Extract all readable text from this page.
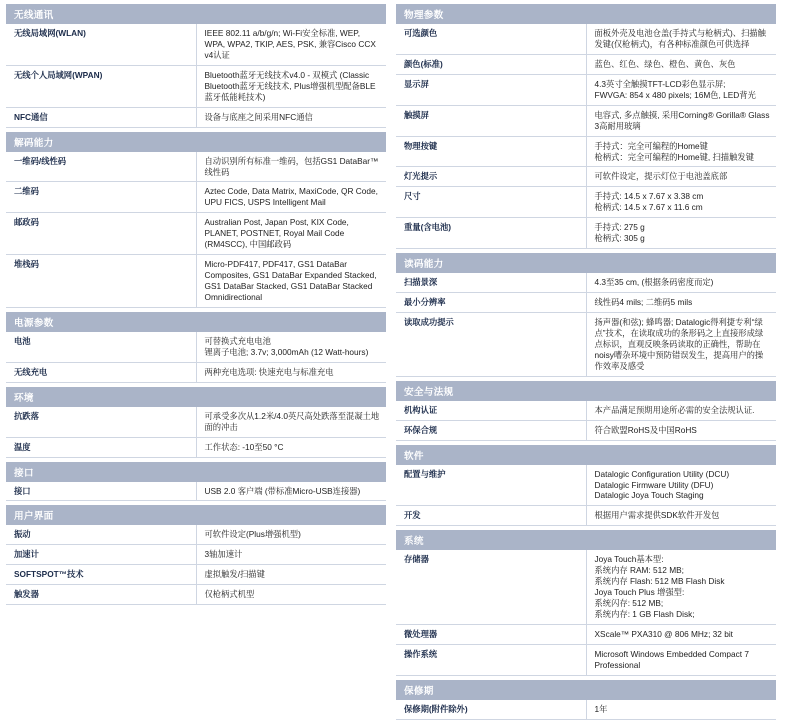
无线通讯	
无线局域网(WLAN)	IEEE 802.11 a/b/g/n; Wi-Fi安全标准, WEP, WPA, WPA2, TKIP, AES, PSK, 兼容Cisco CCX v4认证
无线个人局域网(WPAN)	Bluetooth蓝牙无线技术v4.0 - 双模式 (Classic Bluetooth蓝牙无线技术, Plus增强机型配备BLE蓝牙低能耗技术)
NFC通信	设备与底座之间采用NFC通信
解码能力	
一维码/线性码	自动识别所有标准一维码，包括GS1 DataBar™线性码
二维码	Aztec Code, Data Matrix, MaxiCode, QR Code, UPU FICS, USPS Intelligent Mail
邮政码	Australian Post, Japan Post, KIX Code, PLANET, POSTNET, Royal Mail Code (RM4SCC), 中国邮政码
堆栈码	Micro-PDF417, PDF417, GS1 DataBar Composites, GS1 DataBar Expanded Stacked, GS1 DataBar Stacked, GS1 DataBar Stacked Omnidirectional
电源参数	
电池	可替换式充电电池
锂离子电池; 3.7v; 3,000mAh (12 Watt-hours)
无线充电	两种充电选项: 快速充电与标准充电
环境	
抗跌落	可承受多次从1.2米/4.0英尺高处跌落至混凝土地面的冲击
温度	工作状态: -10至50 °C
接口
接口	USB 2.0 客户端 (带标准Micro-USB连接器)
用户界面	
振动	可软件设定(Plus增强机型)
加速计	3轴加速计
SOFTSPOT™技术	虚拟触发/扫描键
触发器	仅枪柄式机型
物理参数	
可选颜色	面板外壳及电池仓盖(手持式与枪柄式)、扫描触发键(仅枪柄式)，有各种标准颜色可供选择
颜色(标准)	蓝色、红色、绿色、橙色、黄色、灰色
显示屏	4.3英寸全触摸TFT-LCD彩色显示屏;
FWVGA: 854 x 480 pixels; 16M色, LED背光
触摸屏	电容式, 多点触摸, 采用Corning® Gorilla® Glass 3高耐用玻璃
物理按键	手持式：完全可编程的Home键
枪柄式：完全可编程的Home键, 扫描触发键
灯光提示	可软件设定，提示灯位于电池盖底部
尺寸	手持式: 14.5 x 7.67 x 3.38 cm
枪柄式: 14.5 x 7.67 x 11.6 cm
重量(含电池)	手持式: 275 g
枪柄式: 305 g
读码能力	
扫描景深	4.3至35 cm, (根据条码密度而定)
最小分辨率	线性码4 mils; 二维码5 mils
读取成功提示	扬声器(和弦); 蜂鸣器; Datalogic得利捷专利“绿点”技术，在读取成功的条形码之上直接形成绿点标识，直观反映条码读取的正确性，帮助在noisy嘈杂环境中预防错误发生，提高用户的操作效率及感受
安全与法规	
机构认证	本产品满足预期用途所必需的安全法规认证.
环保合规	符合欧盟RoHS及中国RoHS
软件	
配置与维护	Datalogic Configuration Utility (DCU)
Datalogic Firmware Utility (DFU)
Datalogic Joya Touch Staging
开发	根据用户需求提供SDK软件开发包
系统	
存储器	Joya Touch基本型:
系统内存 RAM: 512 MB;
系统内存 Flash: 512 MB Flash Disk
Joya Touch Plus 增强型:
系统闪存: 512 MB;
系统内存: 1 GB Flash Disk;
微处理器	XScale™ PXA310 @ 806 MHz; 32 bit
操作系统	Microsoft Windows Embedded Compact 7 Professional
保修期
保修期(附件除外)	1年
